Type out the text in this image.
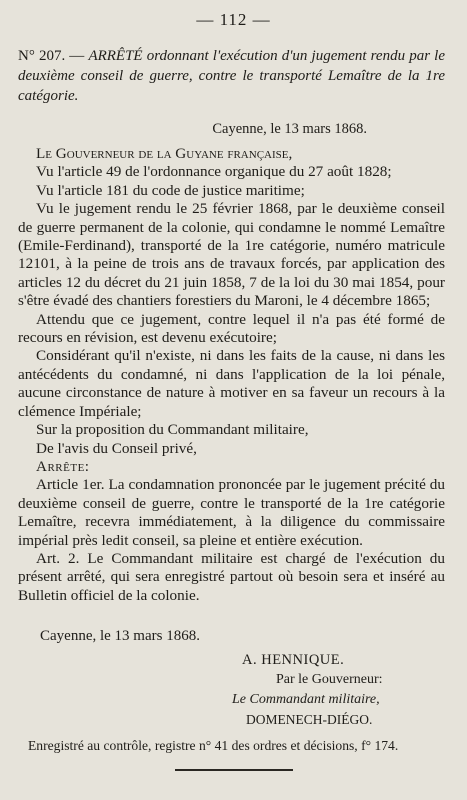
— 112 —
N° 207. — ARRÊTÉ ordonnant l'exécution d'un jugement rendu par le deuxième conseil de guerre, contre le transporté Lemaître de la 1re catégorie.
Cayenne, le 13 mars 1868.

Le Gouverneur de la Guyane française,

Vu l'article 49 de l'ordonnance organique du 27 août 1828;

Vu l'article 181 du code de justice maritime;

Vu le jugement rendu le 25 février 1868, par le deuxième conseil de guerre permanent de la colonie, qui condamne le nommé Lemaître (Emile-Ferdinand), transporté de la 1re catégorie, numéro matricule 12101, à la peine de trois ans de travaux forcés, par application des articles 12 du décret du 21 juin 1858, 7 de la loi du 30 mai 1854, pour s'être évadé des chantiers forestiers du Maroni, le 4 décembre 1865;

Attendu que ce jugement, contre lequel il n'a pas été formé de recours en révision, est devenu exécutoire;

Considérant qu'il n'existe, ni dans les faits de la cause, ni dans les antécédents du condamné, ni dans l'application de la loi pénale, aucune circonstance de nature à motiver en sa faveur un recours à la clémence Impériale;

Sur la proposition du Commandant militaire,

De l'avis du Conseil privé,

Arrête:

Article 1er. La condamnation prononcée par le jugement précité du deuxième conseil de guerre, contre le transporté de la 1re catégorie Lemaître, recevra immédiatement, à la diligence du commissaire impérial près ledit conseil, sa pleine et entière exécution.

Art. 2. Le Commandant militaire est chargé de l'exécution du présent arrêté, qui sera enregistré partout où besoin sera et inséré au Bulletin officiel de la colonie.

Cayenne, le 13 mars 1868.
A. HENNIQUE.
Par le Gouverneur:
Le Commandant militaire,
DOMENECH-DIÉGO.
Enregistré au contrôle, registre n° 41 des ordres et décisions, f° 174.
